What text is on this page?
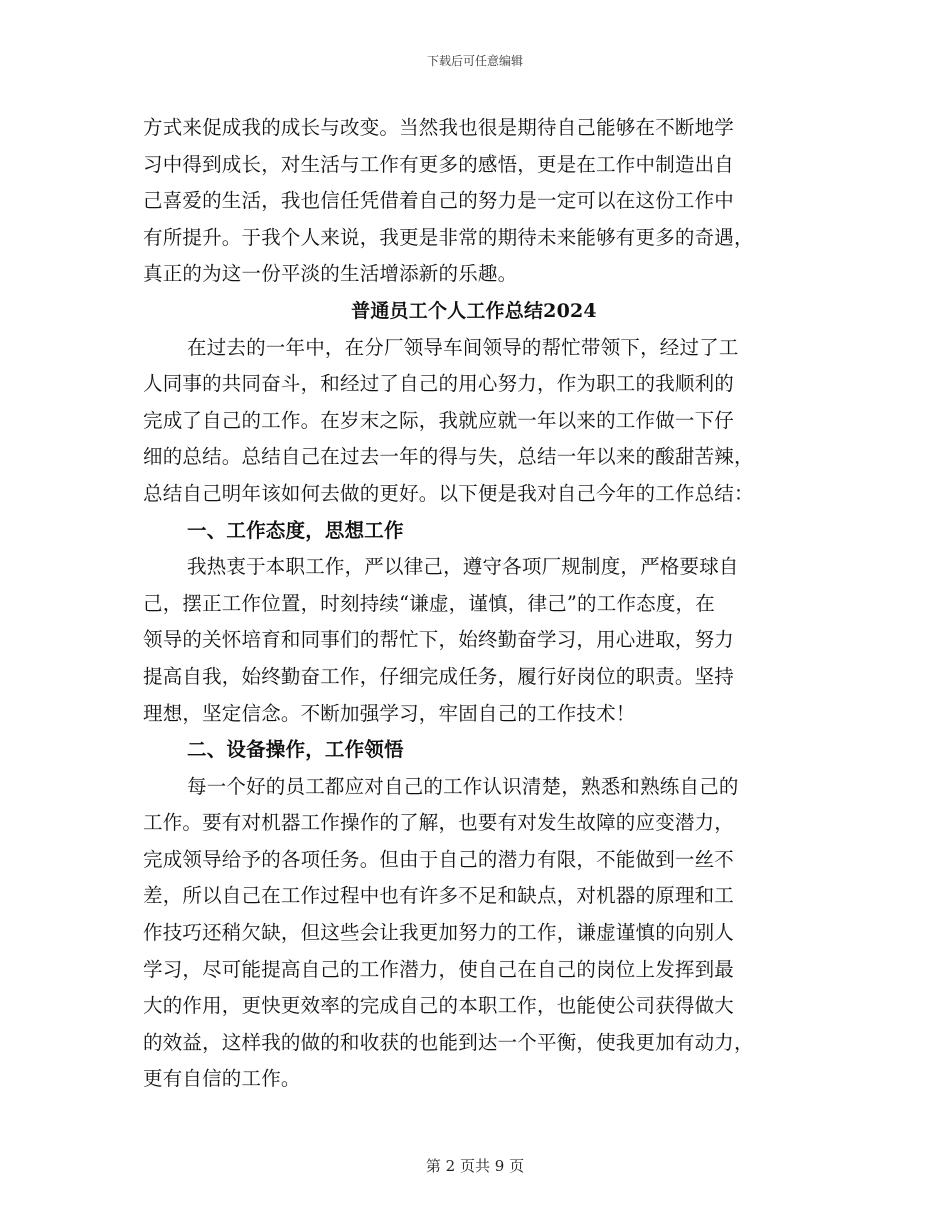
下载后可任意编辑
方式来促成我的成长与改变。当然我也很是期待自己能够在不断地学
习中得到成长，对生活与工作有更多的感悟，更是在工作中制造出自
己喜爱的生活，我也信任凭借着自己的努力是一定可以在这份工作中
有所提升。于我个人来说，我更是非常的期待未来能够有更多的奇遇，
真正的为这一份平淡的生活增添新的乐趣。
普通员工个人工作总结2024
在过去的一年中，在分厂领导车间领导的帮忙带领下，经过了工
人同事的共同奋斗，和经过了自己的用心努力，作为职工的我顺利的
完成了自己的工作。在岁末之际，我就应就一年以来的工作做一下仔
细的总结。总结自己在过去一年的得与失，总结一年以来的酸甜苦辣，
总结自己明年该如何去做的更好。以下便是我对自己今年的工作总结：
一、工作态度，思想工作
我热衷于本职工作，严以律己，遵守各项厂规制度，严格要球自
己，摆正工作位置，时刻持续“谦虚，谨慎，律己”的工作态度，在
领导的关怀培育和同事们的帮忙下，始终勤奋学习，用心进取，努力
提高自我，始终勤奋工作，仔细完成任务，履行好岗位的职责。坚持
理想，坚定信念。不断加强学习，牢固自己的工作技术！
二、设备操作，工作领悟
每一个好的员工都应对自己的工作认识清楚，熟悉和熟练自己的
工作。要有对机器工作操作的了解，也要有对发生故障的应变潜力，
完成领导给予的各项任务。但由于自己的潜力有限，不能做到一丝不
差，所以自己在工作过程中也有许多不足和缺点，对机器的原理和工
作技巧还稍欠缺，但这些会让我更加努力的工作，谦虚谨慎的向别人
学习，尽可能提高自己的工作潜力，使自己在自己的岗位上发挥到最
大的作用，更快更效率的完成自己的本职工作，也能使公司获得做大
的效益，这样我的做的和收获的也能到达一个平衡，使我更加有动力，
更有自信的工作。
第 2 页共 9 页
